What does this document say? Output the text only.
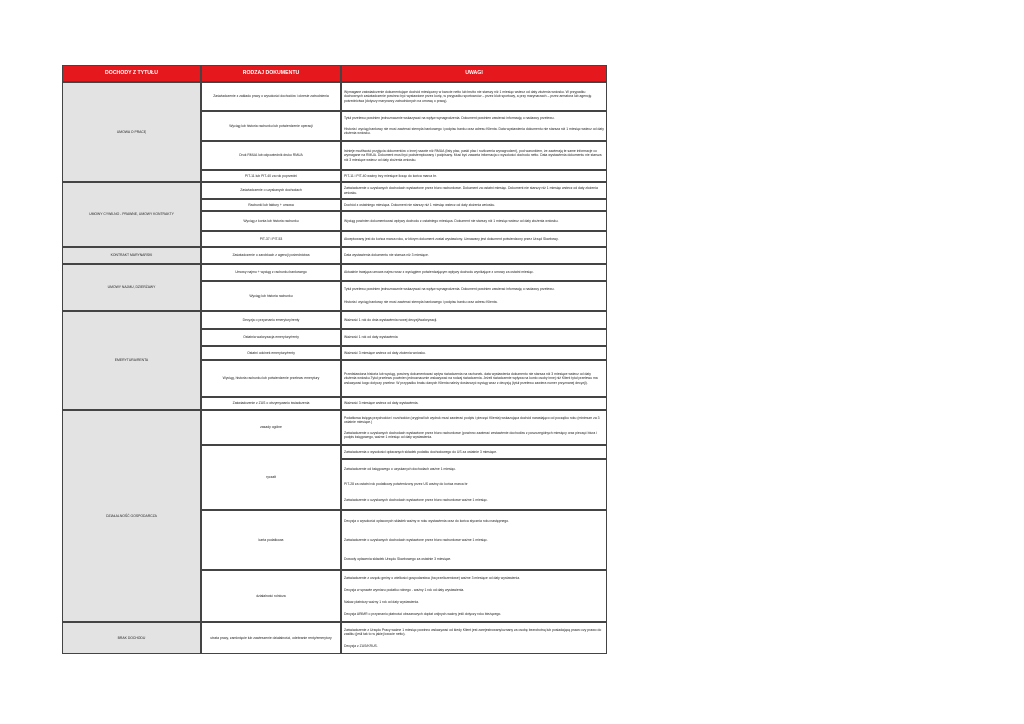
DOCHODY Z TYTUŁU	RODZAJ DOKUMENTU	UWAGI
UMOWA O PRACĘ
UMOWY CYWILNO - PRAWNE, UMOWY KONTRAKTY
KONTRAKT MARYNARSKI
UMOWY NAJMU, DZIERŻAWY
EMERYTURA/RENTA
DZIAŁALNOŚĆ GOSPODARCZA
BRAK DOCHODU
Zaświadczenie z zakładu pracy o wysokości dochodów i okresie zatrudnienia
Wyciąg lub historia rachunku lub potwierdzenie operacji
Druk RMUA lub odpowiednik druku RMUA
PIT-11 lub PIT-40 za rok poprzedni
Zaświadczenie o uzyskanych dochodach
Rachunki lub faktury + umowa
Wyciąg z konta lub historia rachunku
PIT-37 i PIT-53
Zaświadczenie o zarobkach z agencji pośrednictwa
Umowy najmu + wyciąg z rachunku bankowego
Wyciąg lub historia rachunku
Decyzja o przyznaniu emerytury/renty
Ostatnia waloryzacja emerytury/renty
Ostatni odcinek emerytury/renty
Wyciąg, historia rachunku lub potwierdzenie przelewu emerytury
Zaświadczenie z ZUS o otrzymywaniu świadczenia
zasady ogólne
ryczałt
karta podatkowa
działalność rolnicza
utrata pracy, zamknięcie lub zawieszenie działalności, odebranie renty/emerytury
Wymagane zaświadczenie dokumentujące dochód miesięczny w kwocie netto lub brutto nie starszy niż 1 miesiąc wstecz od daty złożenia wniosku. W przypadku duchownych zaświadczenie powinno być wystawione przez kurię, w przypadku sportowców – przez klub sportowy, a przy marynarzach – przez armatora lub agencję pośrednictwa (dotyczy marynarzy zatrudnionych na umowę o pracę).
Tytuł przelewu powinien jednoznacznie wskazywać na wpływ wynagrodzenia. Dokument powinien zawierać informację o nadawcy przelewu.
Historia i wyciąg bankowy nie musi zawierać stempla bankowego i podpisu banku oraz adresu Klienta. Data wystawienia dokumentu nie starsza niż 1 miesiąc wstecz od daty złożenia wniosku.
Istnieje możliwość przyjęcia dokumentów o innej nazwie niż RMUA (listy płac, paski płac i rozliczenia wynagrodzeń), pod warunkiem, że zawierają te same informacje co wymagane na RMUA. Dokument musi być podstemplowany i podpisany. Musi być zawarta informacja o wysokości dochodu netto. Data wystawienia dokumentu nie starsza niż 3 miesiące wstecz od daty złożenia wniosku.
PIT-11 i PIT-40 ważny trzy miesiące licząc do końca marca br.
Zaświadczenie o uzyskanych dochodach wystawione przez biuro rachunkowe. Dokument za ostatni miesiąc. Dokument nie starszy niż 1 miesiąc wstecz od daty złożenia wniosku.
Dochód z ostatniego miesiąca. Dokument nie starszy niż 1 miesiąc wstecz od daty złożenia wniosku.
Wyciąg powinien dokumentować wpływy dochodu z ostatniego miesiąca. Dokument nie starszy niż 1 miesiąc wstecz od daty złożenia wniosku.
Akceptowany jest do końca marca roku, w którym dokument został wystawiony. Uznawany jest dokument potwierdzony przez Urząd Skarbowy.
Data wystawienia dokumentu nie starsza niż 3 miesiące.
Aktualnie trwająca umowa najmu wraz z wyciągiem potwierdzającym wpływy dochodu wynikające z umowy za ostatni miesiąc.
Tytuł przelewu powinien jednoznacznie wskazywać na wpływ wynagrodzenia. Dokument powinien zawierać informację o nadawcy przelewu.
Historia i wyciąg bankowy nie musi zawierać stempla bankowego i podpisu banku oraz adresu Klienta.
Ważność 1 rok do dnia wystawienia nowej decyzji/waloryzacji.
Ważność 1 rok od daty wystawienia
Ważność 3 miesiące wstecz od daty złożenia wniosku.
Przedstawiona historia lub wyciąg, powinny dokumentować wpływ świadczenia na rachunek- data wystawienia dokumentu nie starsza niż 3 miesiące wstecz od daty złożenia wniosku.Tytuł przelewu powinien jednoznacznie wskazywać na rodzaj świadczenia. Jeżeli świadczenie wpływa na konto osoby innej niż Klient tytuł przelewu ma wskazywać kogo dotyczy przelew. W przypadku braku danych Klienta należy dostarczyć wyciąg wraz z decyzją (tytuł przelewu zawiera numer przyznanej decyzji).
Ważność 3 miesiące wstecz od daty wystawienia.
Podatkowa księga przychodów i rozchodów (oryginał lub wydruk musi zawierać podpis i pieczęć Klienta) wskazująca dochód narastająco od początku roku (minimum za 3 ostatnie miesiące.)
Zaświadczenie o uzyskanych dochodach wystawione przez biuro rachunkowe (powinno zawierać zestawienie dochodów z poszczególnych miesięcy oraz pieczęć biura i podpis księgowego, ważne 1 miesiąc od daty wystawienia.
Zaświadczenia o wysokości opłacanych składek podatku dochodowego do US za ostatnie 3 miesiące.
Zaświadczenie od księgowego o uzyskanych dochodach ważne 1 miesiąc.
PIT-28 za ostatni rok podatkowy potwierdzony przez US ważny do końca marca br
Zaświadczenie o uzyskanych dochodach wystawione przez biuro rachunkowe ważne 1 miesiąc.
Decyzja o wysokości opłaconych składek ważny w roku wystawienia oraz do końca stycznia roku następnego.
Zaświadczenie o uzyskanych dochodach wystawione przez biuro rachunkowe ważne 1 miesiąc.
Dowody opłacenia składek Urzędu Skarbowego za ostatnie 3 miesiące.
Zaświadczenie z urzędu gminy o wielkości gospodarstwa (ha przeliczeniowe) ważne 3 miesiące od daty wystawienia.
Decyzja w sprawie wymiaru podatku rolnego - ważny 1 rok od daty wystawienia.
Nakaz płatniczy ważny 1 rok od daty wystawienia.
Decyzja ARiMR o przyznaniu płatności obszarowych dopłat unijnych-ważny jeśli dotyczy roku bieżącego.
Zaświadczenie z Urzędu Pracy ważne 1 miesiąc powinno wskazywać od kiedy Klient jest zarejestrowany/uznany za osobę bezrobotną lub posiadającą prawo czy prawo do zasiłku (jeśli tak to w jakiej kwocie netto).
Decyzja z ZUS/KRUS.
